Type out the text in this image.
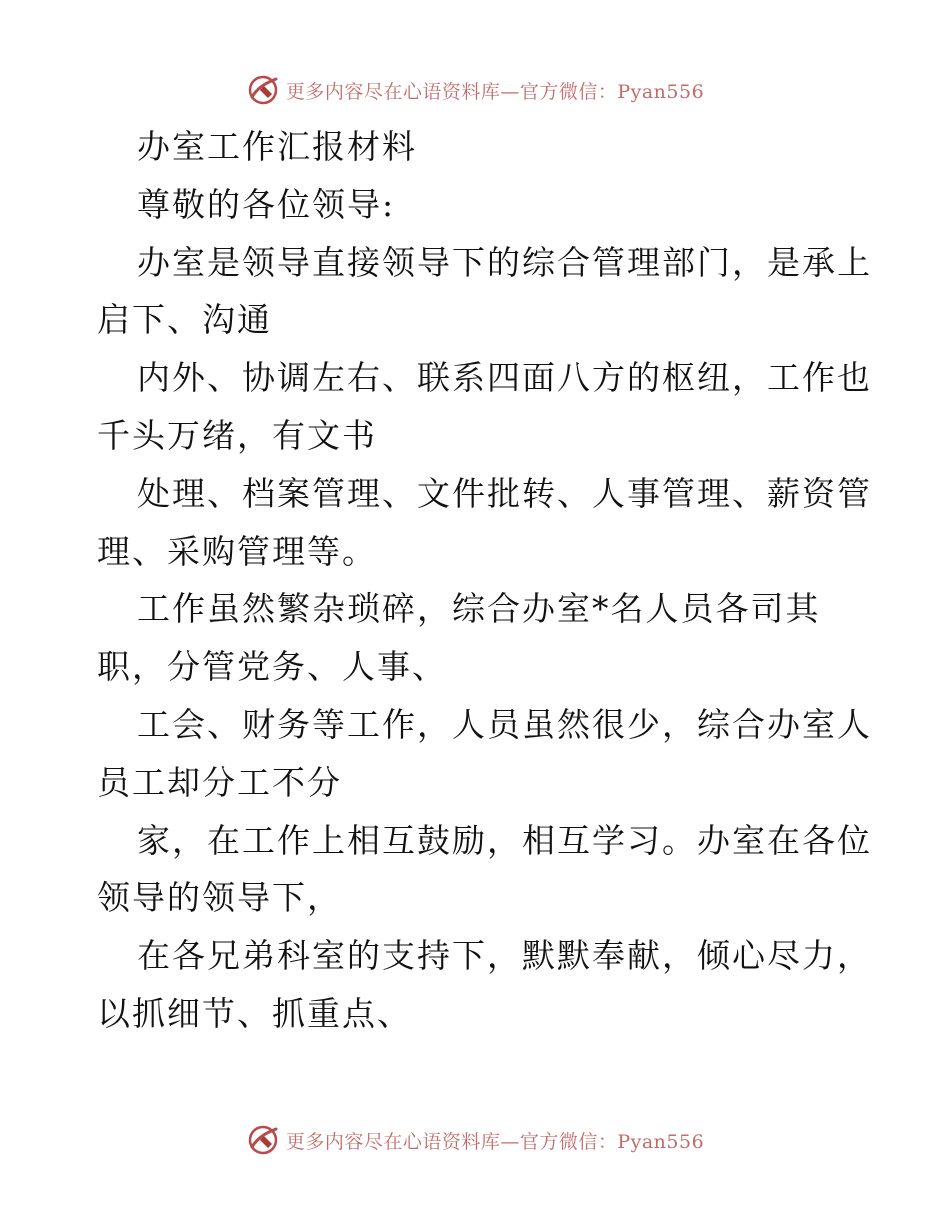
更多内容尽在心语资料库—官方微信：Pyan556
办室工作汇报材料
尊敬的各位领导:
办室是领导直接领导下的综合管理部门，是承上
启下、沟通
内外、协调左右、联系四面八方的枢纽，工作也
千头万绪，有文书
处理、档案管理、文件批转、人事管理、薪资管
理、采购管理等。
工作虽然繁杂琐碎，综合办室*名人员各司其
职，分管党务、人事、
工会、财务等工作，人员虽然很少，综合办室人
员工却分工不分
家，在工作上相互鼓励，相互学习。办室在各位
领导的领导下，
在各兄弟科室的支持下，默默奉献，倾心尽力，
以抓细节、抓重点、
更多内容尽在心语资料库—官方微信：Pyan556
